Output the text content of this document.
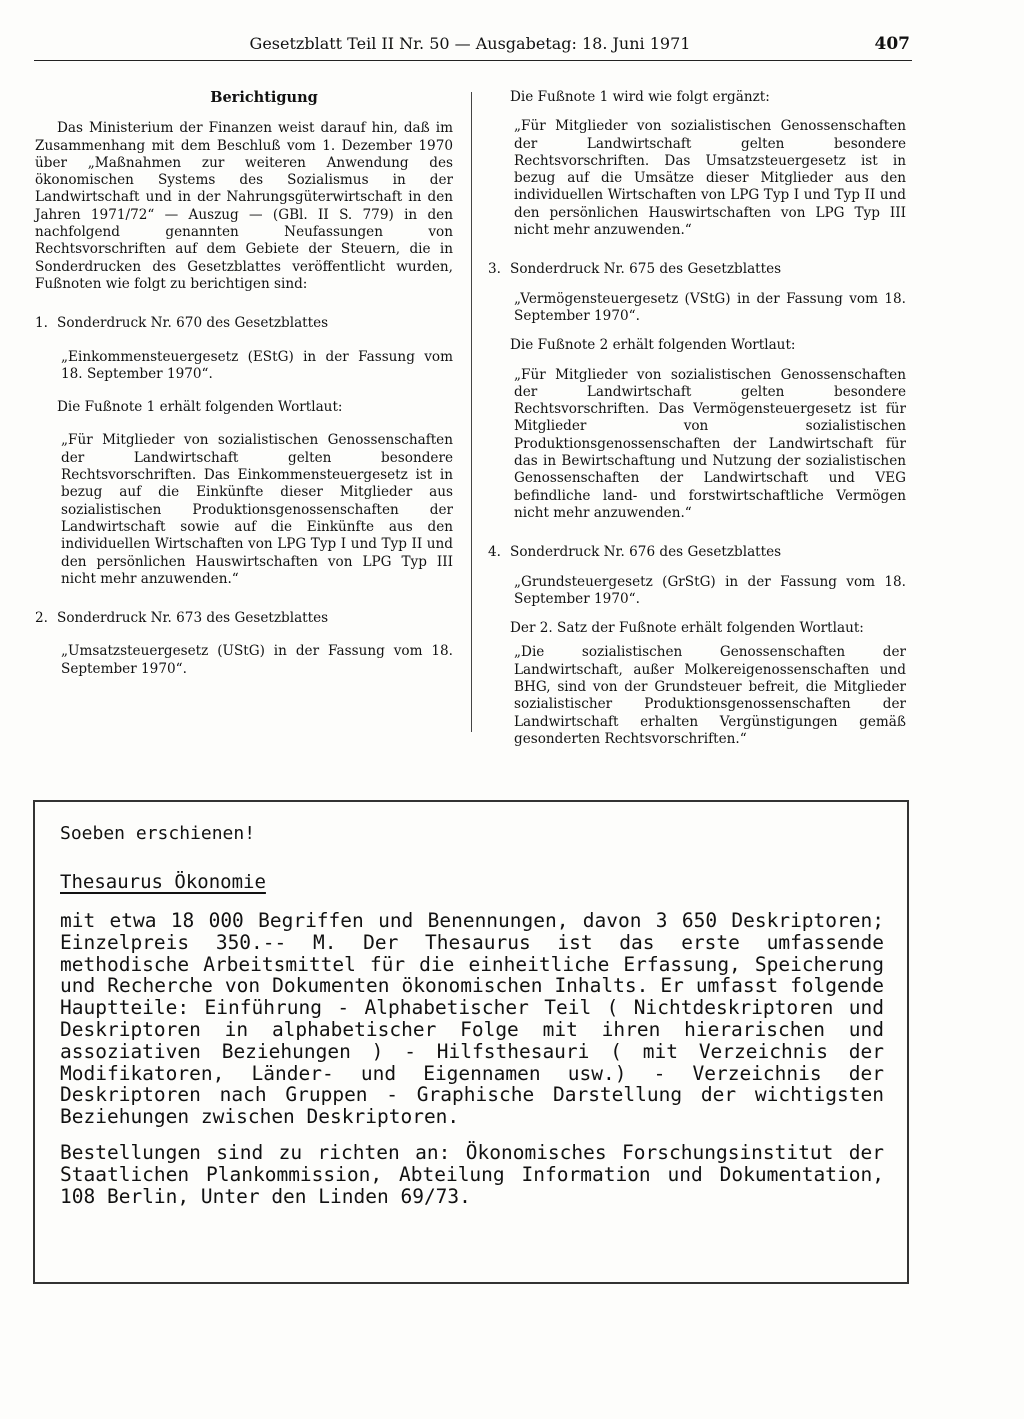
Gesetzblatt Teil II Nr. 50 — Ausgabetag: 18. Juni 1971	407

Berichtigung

Das Ministerium der Finanzen weist darauf hin, daß im Zusammenhang mit dem Beschluß vom 1. Dezember 1970 über „Maßnahmen zur weiteren Anwendung des ökonomischen Systems des Sozialismus in der Landwirtschaft und in der Nahrungsgüterwirtschaft in den Jahren 1971/72“ — Auszug — (GBl. II S. 779) in den nachfolgend genannten Neufassungen von Rechtsvorschriften auf dem Gebiete der Steuern, die in Sonderdrucken des Gesetzblattes veröffentlicht wurden, Fußnoten wie folgt zu berichtigen sind:

1. Sonderdruck Nr. 670 des Gesetzblattes

„Einkommensteuergesetz (EStG) in der Fassung vom 18. September 1970“.

Die Fußnote 1 erhält folgenden Wortlaut:

„Für Mitglieder von sozialistischen Genossenschaften der Landwirtschaft gelten besondere Rechtsvorschriften. Das Einkommensteuergesetz ist in bezug auf die Einkünfte dieser Mitglieder aus sozialistischen Produktionsgenossenschaften der Landwirtschaft sowie auf die Einkünfte aus den individuellen Wirtschaften von LPG Typ I und Typ II und den persönlichen Hauswirtschaften von LPG Typ III nicht mehr anzuwenden.“

2. Sonderdruck Nr. 673 des Gesetzblattes

„Umsatzsteuergesetz (UStG) in der Fassung vom 18. September 1970“.

Die Fußnote 1 wird wie folgt ergänzt:

„Für Mitglieder von sozialistischen Genossenschaften der Landwirtschaft gelten besondere Rechtsvorschriften. Das Umsatzsteuergesetz ist in bezug auf die Umsätze dieser Mitglieder aus den individuellen Wirtschaften von LPG Typ I und Typ II und den persönlichen Hauswirtschaften von LPG Typ III nicht mehr anzuwenden.“

3. Sonderdruck Nr. 675 des Gesetzblattes

„Vermögensteuergesetz (VStG) in der Fassung vom 18. September 1970“.

Die Fußnote 2 erhält folgenden Wortlaut:

„Für Mitglieder von sozialistischen Genossenschaften der Landwirtschaft gelten besondere Rechtsvorschriften. Das Vermögensteuergesetz ist für Mitglieder von sozialistischen Produktionsgenossenschaften der Landwirtschaft für das in Bewirtschaftung und Nutzung der sozialistischen Genossenschaften der Landwirtschaft und VEG befindliche land- und forstwirtschaftliche Vermögen nicht mehr anzuwenden.“

4. Sonderdruck Nr. 676 des Gesetzblattes

„Grundsteuergesetz (GrStG) in der Fassung vom 18. September 1970“.

Der 2. Satz der Fußnote erhält folgenden Wortlaut:

„Die sozialistischen Genossenschaften der Landwirtschaft, außer Molkereigenossenschaften und BHG, sind von der Grundsteuer befreit, die Mitglieder sozialistischer Produktionsgenossenschaften der Landwirtschaft erhalten Vergünstigungen gemäß gesonderten Rechtsvorschriften.“

Soeben erschienen!

Thesaurus Ökonomie

mit etwa 18 000 Begriffen und Benennungen, davon 3 650 Deskriptoren; Einzelpreis 350.-- M. Der Thesaurus ist das erste umfassende methodische Arbeitsmittel für die einheitliche Erfassung, Speicherung und Recherche von Dokumenten ökonomischen Inhalts. Er umfasst folgende Hauptteile: Einführung - Alphabetischer Teil ( Nichtdeskriptoren und Deskriptoren in alphabetischer Folge mit ihren hierarischen und assoziativen Beziehungen ) - Hilfsthesauri ( mit Verzeichnis der Modifikatoren, Länder- und Eigennamen usw.) - Verzeichnis der Deskriptoren nach Gruppen - Graphische Darstellung der wichtigsten Beziehungen zwischen Deskriptoren.

Bestellungen sind zu richten an: Ökonomisches Forschungsinstitut der Staatlichen Plankommission, Abteilung Information und Dokumentation, 108 Berlin, Unter den Linden 69/73.
